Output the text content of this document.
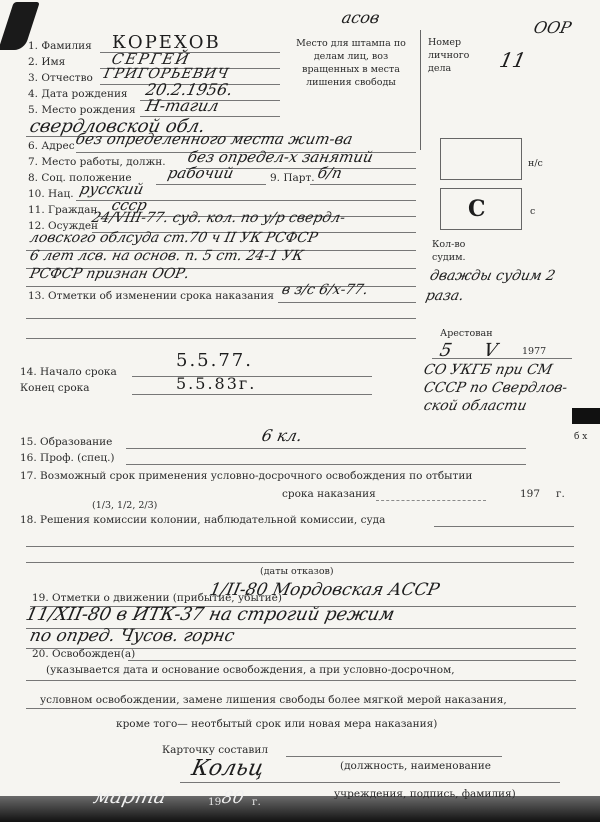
асов
ООР
Место для штампа по делам лиц, воз вращенных в места лишения свободы
Номер личного дела	11
н/с
С	с
Кол-во судим.
дважды судим 2 раза.
1. Фамилия КОРЕХОВ
2. Имя	СЕРГЕЙ
3. Отчество ГРИГОРЬЕВИЧ
4. Дата рождения 20.2.1956.
5. Место рождения Н-тагил
свердловской обл.
6. Адрес без определенного места жит-ва
7. Место работы, должн. без определ-х занятий
8. Соц. положение рабочий	9. Парт. б/п
10. Нац. русский
11. Граждан. ссср
12. Осужден
24/VIII-77. суд. кол. по у/р свердл-
ловского облсуда ст.70 ч II УК РСФСР
6 лет лсв. на основ. п. 5 ст. 24-1 УК
РСФСР признан ООР.
13. Отметки об изменении срока наказания в з/с 6/х-77.
14. Начало срока
5.5.77.
Конец срока	5.5.83г.
Арестован
5 V 1977
СО УКГБ при СМ
СССР по Свердлов-
ской области
б х
15. Образование	6 кл.
16. Проф. (спец.)
17. Возможный срок применения условно-досрочного освобождения по отбытии
срока наказания	197 г.
(1/3, 1/2, 2/3)
18. Решения комиссии колонии, наблюдательной комиссии, суда
(даты отказов)
19. Отметки о движении (прибытие, убытие)
1/ІІ-80 Мордовская АССР
11/XII-80 в ИТК-37 на строгий режим
по опред. Чусов. горнс
20. Освобожден(а)
(указывается дата и основание освобождения, а при условно-досрочном,
условном освобождении, замене лишения свободы более мягкой мерой наказания,
кроме того— неотбытый срок или новая мера наказания)
Карточку составил
(должность, наименование
Кольц
учреждения, подпись, фамилия)
марта	19
80 г.
